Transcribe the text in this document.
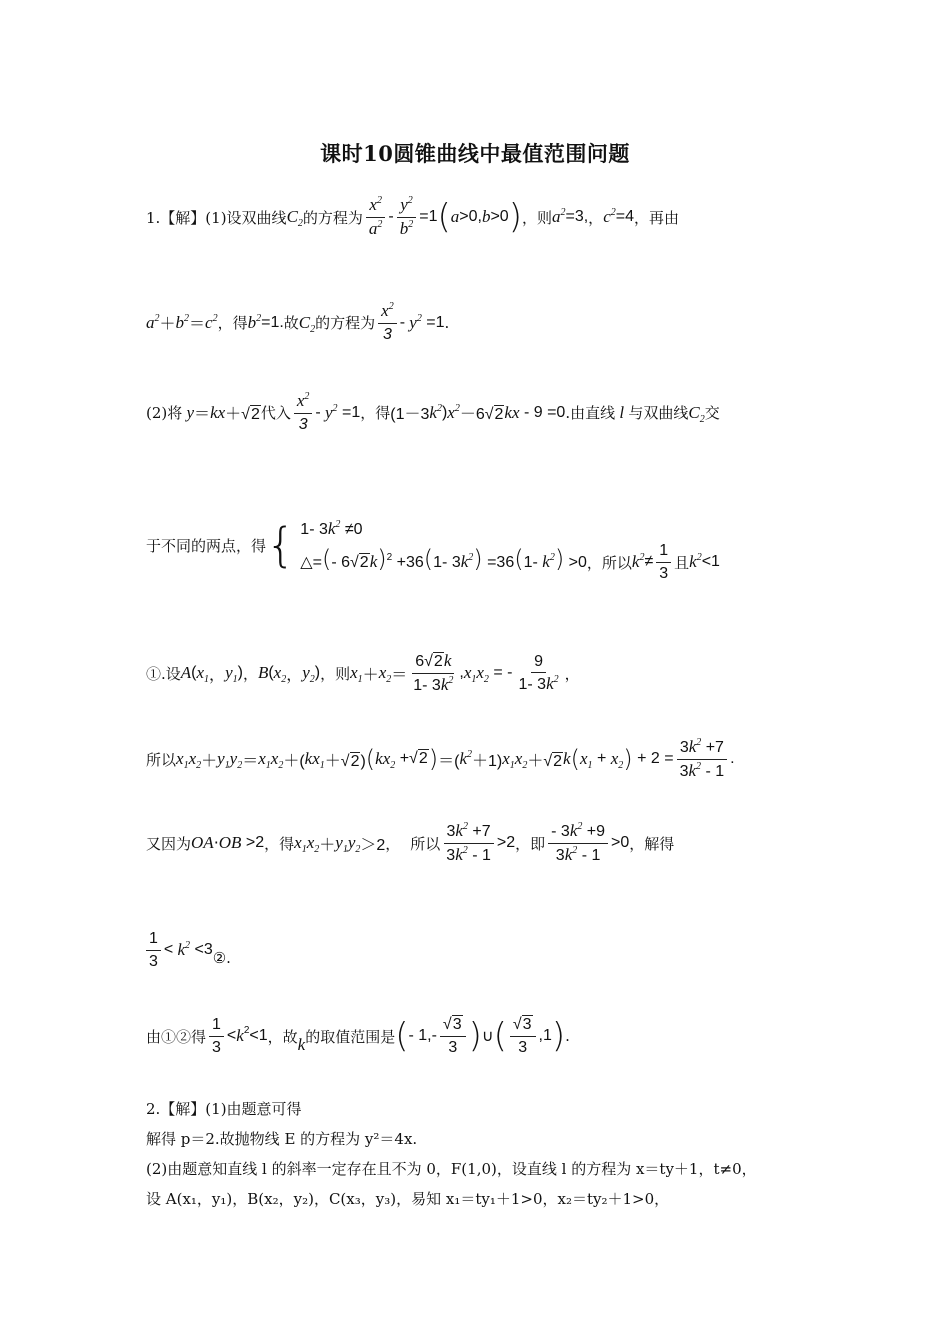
课时10圆锥曲线中最值范围问题
1.【解】(1)设双曲线 $C_2$ 的方程为 $\frac{x^2}{a^2} - \frac{y^2}{b^2} =1$ ( a >0, b >0 ) ，则 $a^2 =3$, ， $c^2 =4$ ，再由
$a^2 + b^2 = c^2$ ，得 $b^2 =1$. 故 $C_2$ 的方程为 $\frac{x^2}{3} - y^2 =1$ .
(2)将 y ＝ kx ＋√2 代入 $\frac{x^2}{3} - y^2 =1$ ，得 (1－3 $k^2$ ) $x^2 -6√2$ kx - 9 =0 .由直线 l 与双曲线 $C_2$ 交
于不同的两点，得 { 1- $3k^2 \ne 0$
△=(- 6√2k)$^2$ +36(1- $3k^2) =36(1-$ $k^2) >0$ ，所以 $k^2 \ne \frac{1}{3}$ 且 $k^2 <1$
①.设 A ( $x_1$ ， $y_1$ ) ， B ( $x_2$ ， $y_2$ ) ，则 $x_1 + x_2 = \frac{6√2k}{1- 3k^2}$ , $x_1x_2$ = - $\frac{9}{1- 3k^2}$ ，
所以 $x_1x_2 + y_1y_2 = x_1x_2$ ＋( $kx_1 +√2$) ( $kx_2 +√2$ ) ＝( $k^2 +1$) $x_1x_2 +√2$ k ( $x_1 + x_2$ ) + $2 = \frac{3k^2 +7}{3k^2 - 1}$ .
又因为 OA ⋅ OB >2 ，得 $x_1x_2 + y_1y_2 >2$ ， 所以 $\frac{3k^2 +7}{3k^2 - 1} >2$ ，即 $\frac{- 3k^2 +9}{3k^2 - 1} >0$ ，解得
$\frac{1}{3} < k^2 <3$ ②.
由①②得 $\frac{1}{3} < k$ $^2$<1 ，故 k 的取值范围是 ( - $1,- \frac{√3}{3}$ ) ∪ ( $\frac{√3}{3} ,1$ ) .
2.【解】(1)由题意可得
解得 p＝2.故抛物线 E 的方程为 y²＝4x.
(2)由题意知直线 l 的斜率一定存在且不为 0，F(1,0)，设直线 l 的方程为 x＝ty＋1，t≠0，
设 A(x₁，y₁)，B(x₂，y₂)，C(x₃，y₃)，易知 x₁＝ty₁＋1>0，x₂＝ty₂＋1>0，
